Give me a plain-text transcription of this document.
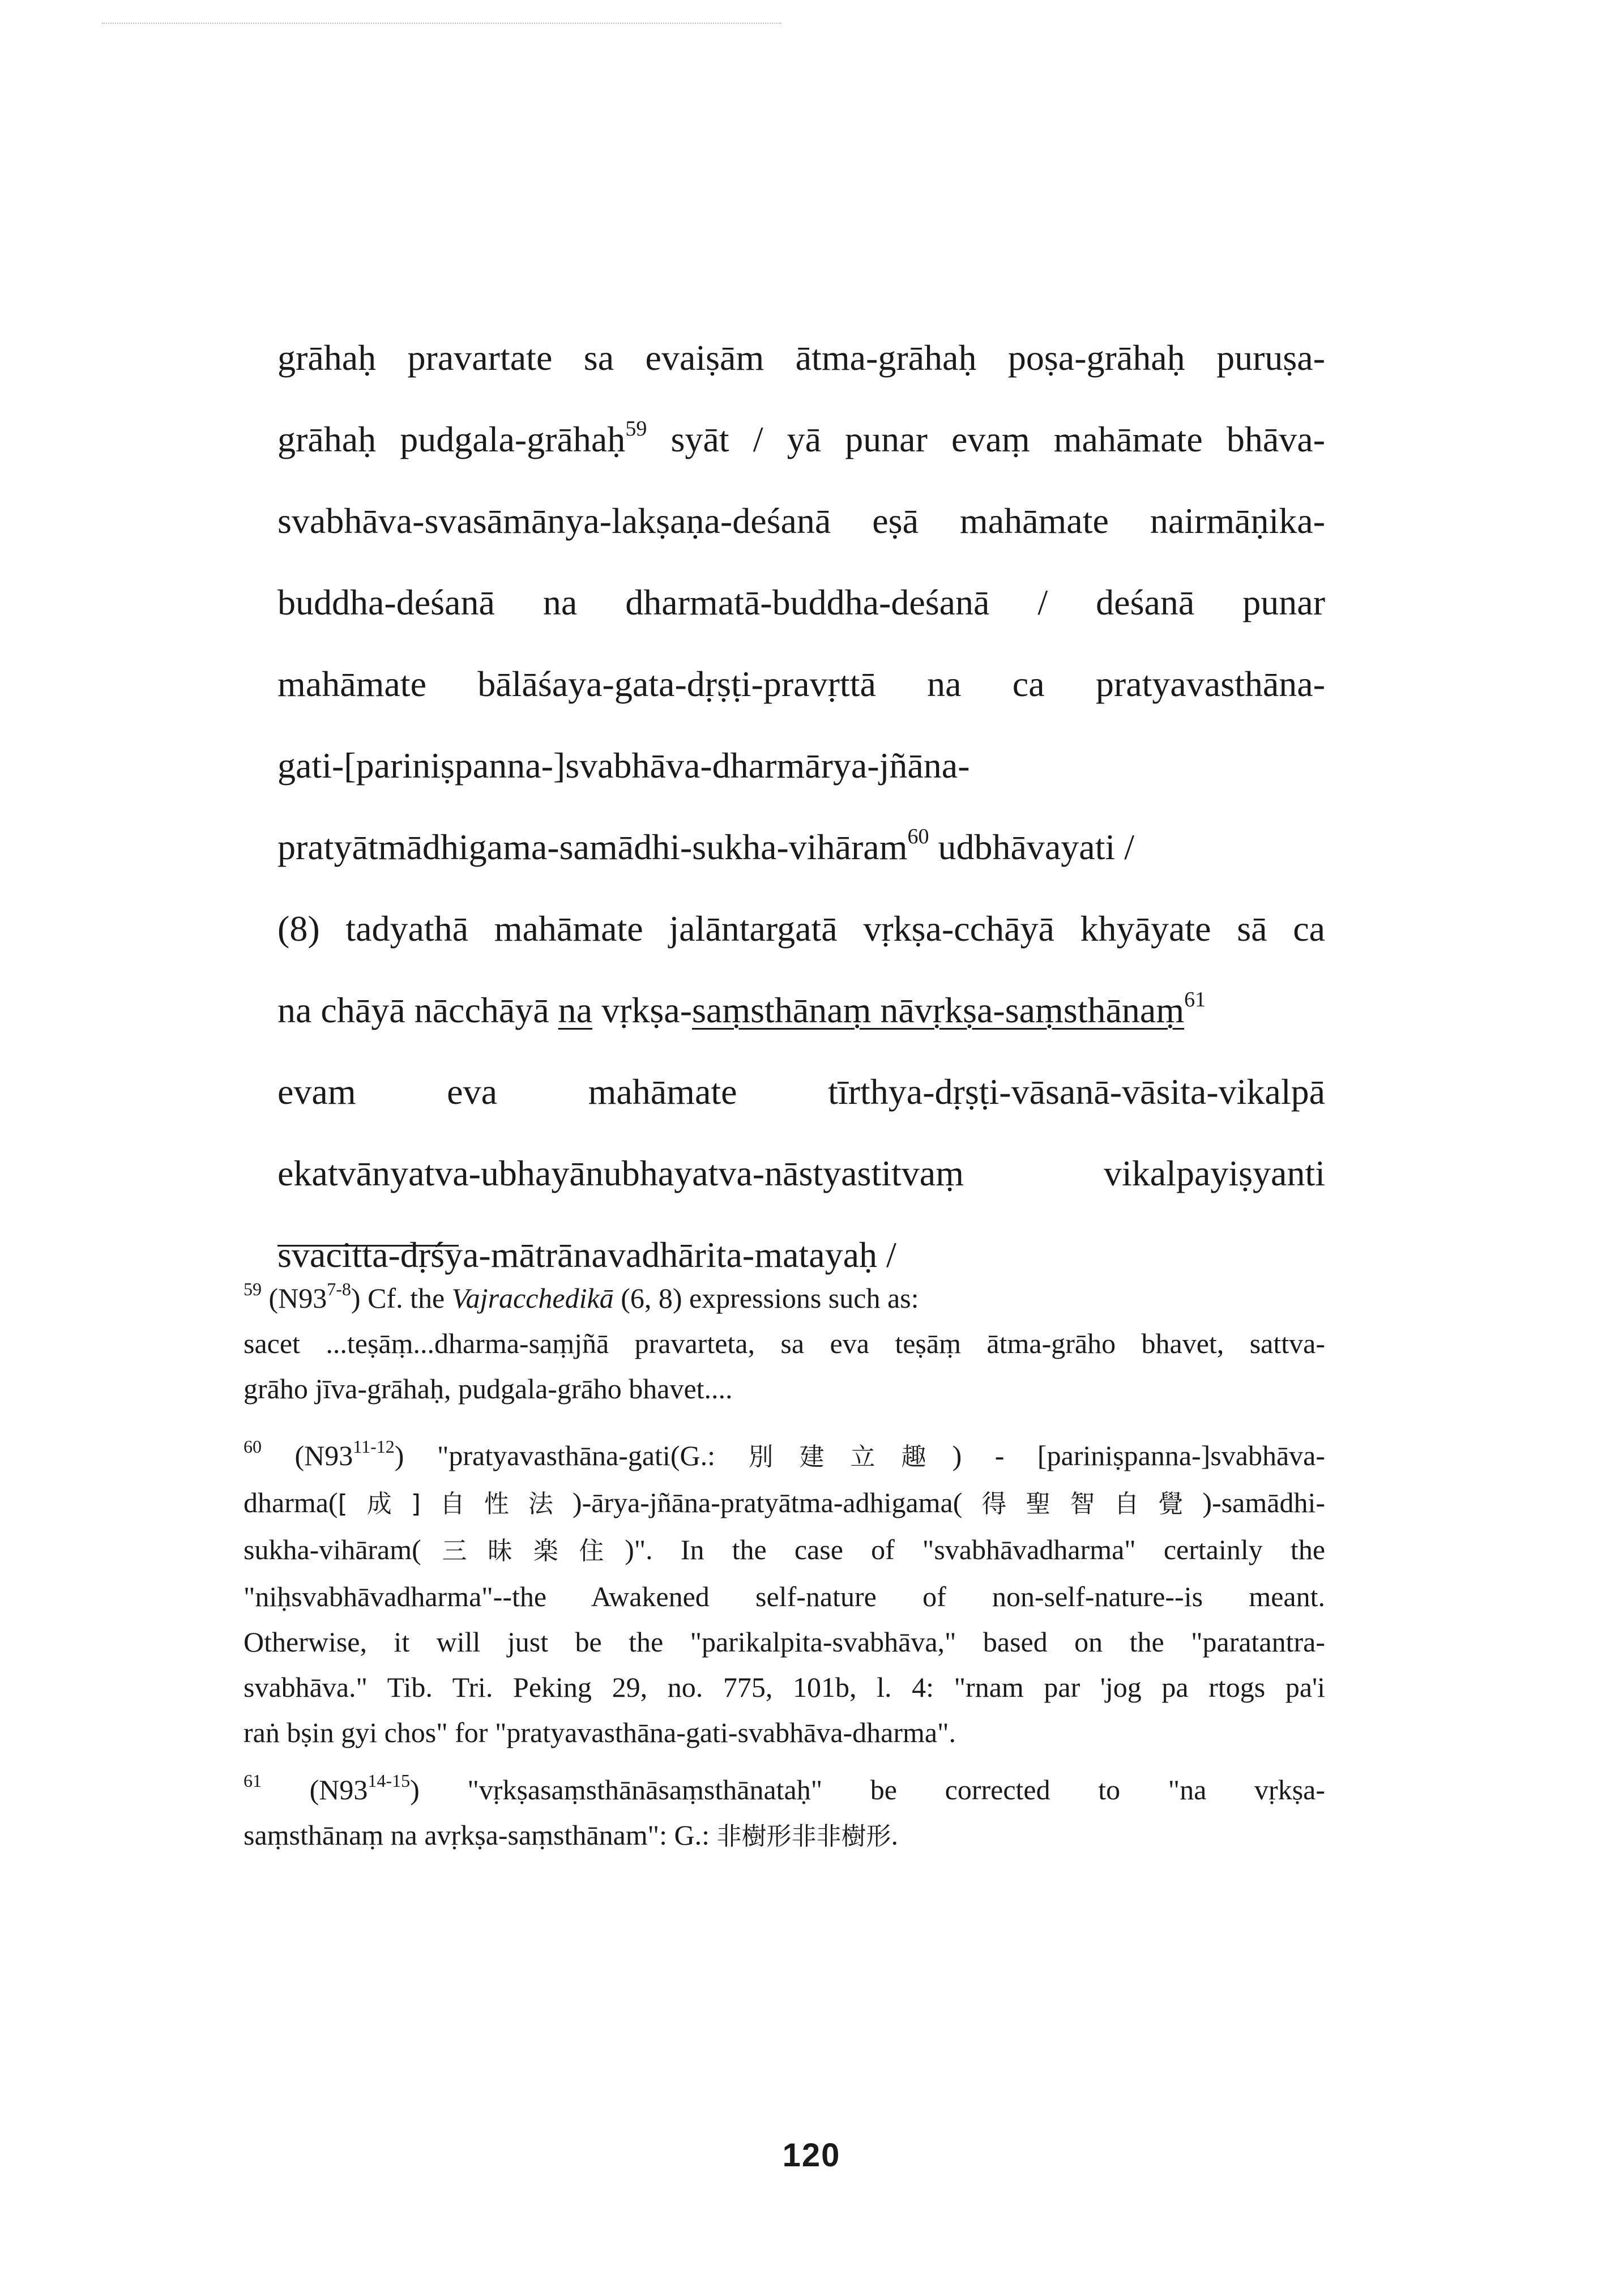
grāhaḥ pravartate sa evaiṣām ātma-grāhaḥ poṣa-grāhaḥ puruṣa-
grāhaḥ pudgala-grāhaḥ$^{59}$ syāt / yā punar evaṃ mahāmate bhāva-
svabhāva-svasāmānya-lakṣaṇa-deśanā eṣā mahāmate nairmāṇika-
buddha-deśanā na dharmatā-buddha-deśanā / deśanā punar
mahāmate bālāśaya-gata-dṛṣṭi-pravṛttā na ca pratyavasthāna-
gati-[pariniṣpanna-]svabhāva-dharmārya-jñāna-
pratyātmādhigama-samādhi-sukha-vihāram$^{60}$ udbhāvayati /
(8) tadyathā mahāmate jalāntargatā vṛkṣa-cchāyā khyāyate sā ca
na chāyā nācchāyā na vṛkṣa-saṃsthānaṃ nāvṛkṣa-saṃsthānaṃ$^{61}$
evam eva mahāmate tīrthya-dṛṣṭi-vāsanā-vāsita-vikalpā
ekatvānyatva-ubhayānubhayatva-nāstyastitvaṃ vikalpayiṣyanti
svacitta-dṛśya-mātrānavadhārita-matayaḥ /
$^{59}$ (N93$^{7-8}$) Cf. the Vajracchedikā (6, 8) expressions such as:
sacet ...teṣāṃ...dharma-saṃjñā pravarteta, sa eva teṣāṃ ātma-grāho bhavet, sattva-
grāho jīva-grāhaḥ, pudgala-grāho bhavet....
$^{60}$ (N93$^{11-12}$) "pratyavasthāna-gati(G.: 別建立趣) - [pariniṣpanna-]svabhāva-
dharma([成]自性法)-ārya-jñāna-pratyātma-adhigama(得聖智自覺)-samādhi-
sukha-vihāram(三昧楽住)". In the case of "svabhāvadharma" certainly the
"niḥsvabhāvadharma"--the Awakened self-nature of non-self-nature--is meant.
Otherwise, it will just be the "parikalpita-svabhāva," based on the "paratantra-
svabhāva." Tib. Tri. Peking 29, no. 775, 101b, l. 4: "rnam par 'jog pa rtogs pa'i
raṅ bṣin gyi chos" for "pratyavasthāna-gati-svabhāva-dharma".
$^{61}$ (N93$^{14-15}$) "vṛkṣasaṃsthānāsaṃsthānataḥ" be corrected to "na vṛkṣa-
saṃsthānaṃ na avṛkṣa-saṃsthānam": G.: 非樹形非非樹形.
120
